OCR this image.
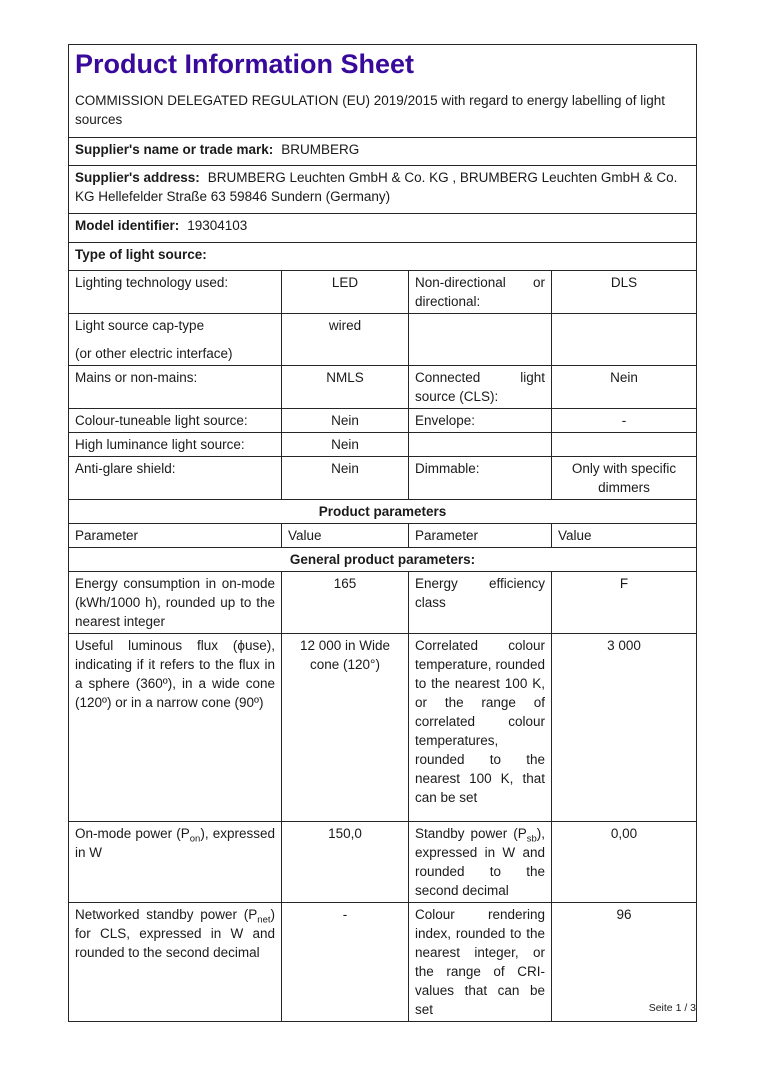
Product Information Sheet

COMMISSION DELEGATED REGULATION (EU) 2019/2015 with regard to energy labelling of light sources

Supplier's name or trade mark: BRUMBERG			
Supplier's address: BRUMBERG Leuchten GmbH & Co. KG , BRUMBERG Leuchten GmbH & Co. KG Hellefelder Straße 63 59846 Sundern (Germany)			
Model identifier: 19304103			
Type of light source:			
Lighting technology used:	LED	Non-directional or directional:	DLS

Light source cap-type
(or other electric interface)	wired		
Mains or non-mains:	NMLS	Connected light source (CLS):	Nein
Colour-tuneable light source:	Nein	Envelope:	-
High luminance light source:	Nein		
Anti-glare shield:	Nein	Dimmable:	Only with specific dimmers

Product parameters			
Parameter	Value	Parameter	Value
General product parameters:			
Energy consumption in on-mode (kWh/1000 h), rounded up to the nearest integer	165	Energy efficiency class	F
Useful luminous flux (ϕuse), indicating if it refers to the flux in a sphere (360º), in a wide cone (120º) or in a narrow cone (90º)	12 000 in Wide cone (120°)	Correlated colour temperature, rounded to the nearest 100 K, or the range of correlated colour temperatures, rounded to the nearest 100 K, that can be set	3 000
On-mode power $(P_{on})$, expressed in W	150,0	Standby power $(P_{sb})$, expressed in W and rounded to the second decimal	0,00
Networked standby power $(P_{net})$ for CLS, expressed in W and rounded to the second decimal	-	Colour rendering index, rounded to the nearest integer, or the range of CRI-values that can be set	96
Seite 1 / 3
